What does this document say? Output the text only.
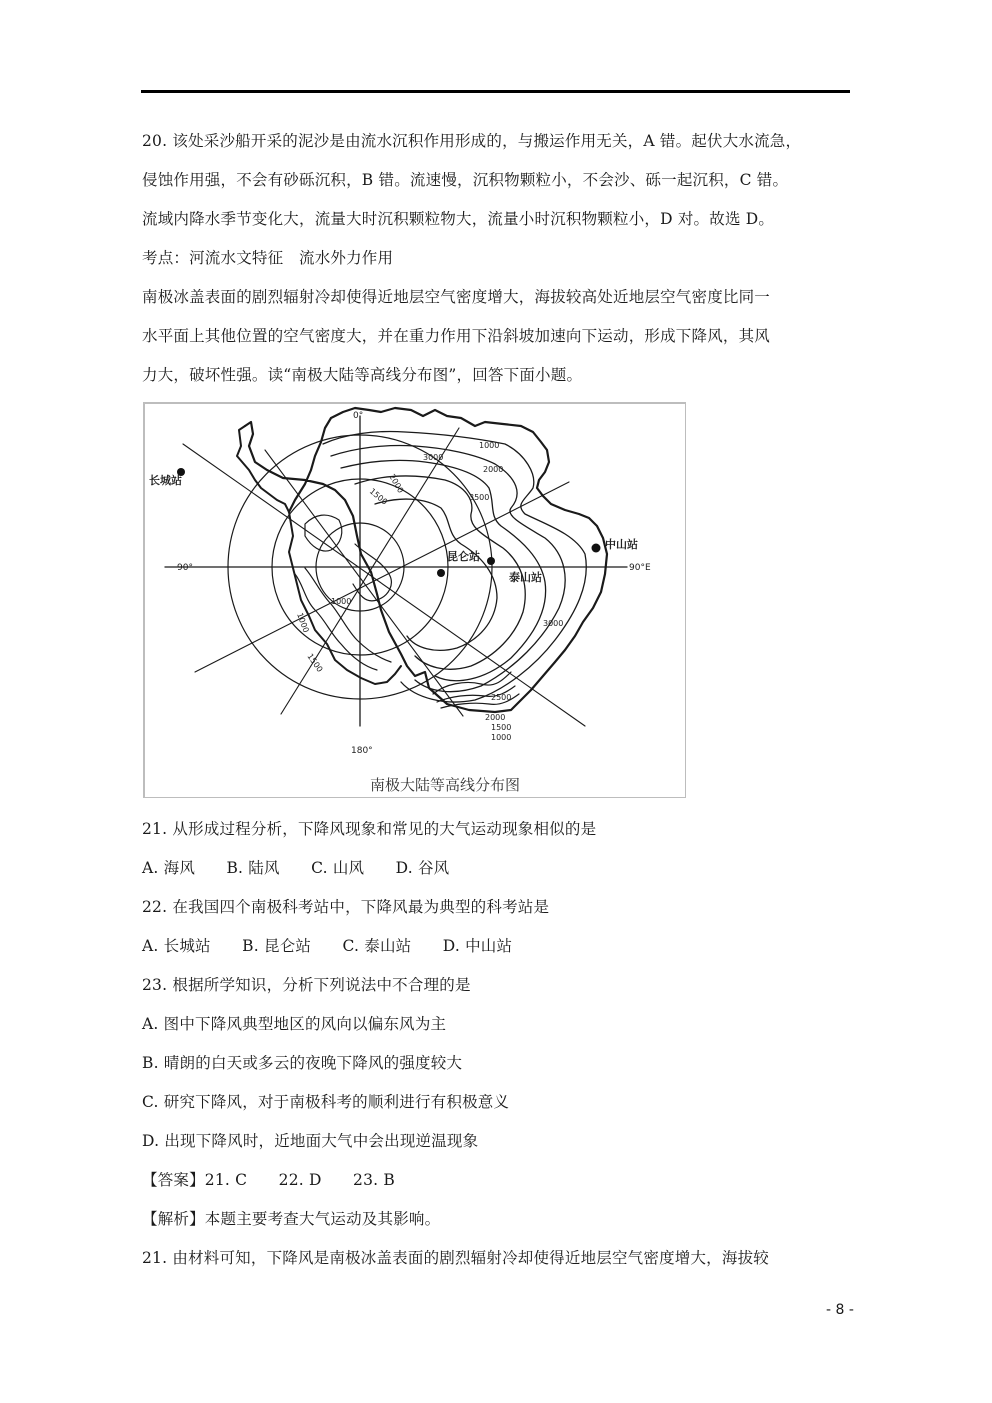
20. 该处采沙船开采的泥沙是由流水沉积作用形成的，与搬运作用无关，A 错。起伏大水流急，
侵蚀作用强，不会有砂砾沉积，B 错。流速慢，沉积物颗粒小，不会沙、砾一起沉积，C 错。
流域内降水季节变化大，流量大时沉积颗粒物大，流量小时沉积物颗粒小，D 对。故选 D。
考点：河流水文特征　流水外力作用
南极冰盖表面的剧烈辐射冷却使得近地层空气密度增大，海拔较高处近地层空气密度比同一
水平面上其他位置的空气密度大，并在重力作用下沿斜坡加速向下运动，形成下降风，其风
力大，破坏性强。读“南极大陆等高线分布图”，回答下面小题。
0°
180°
90°	90°E
长城站
昆仑站
泰山站
中山站
3000
2000
3500
1000
2000
1500
1000
1000
1500
3000
2500
2000
1500
1000
南极大陆等高线分布图
21. 从形成过程分析，下降风现象和常见的大气运动现象相似的是
A. 海风　　B. 陆风　　C. 山风　　D. 谷风
22. 在我国四个南极科考站中，下降风最为典型的科考站是
A. 长城站　　B. 昆仑站　　C. 泰山站　　D. 中山站
23. 根据所学知识，分析下列说法中不合理的是
A. 图中下降风典型地区的风向以偏东风为主
B. 晴朗的白天或多云的夜晚下降风的强度较大
C. 研究下降风，对于南极科考的顺利进行有积极意义
D. 出现下降风时，近地面大气中会出现逆温现象
【答案】21. C　　22. D　　23. B
【解析】本题主要考查大气运动及其影响。
21. 由材料可知，下降风是南极冰盖表面的剧烈辐射冷却使得近地层空气密度增大，海拔较
- 8 -
